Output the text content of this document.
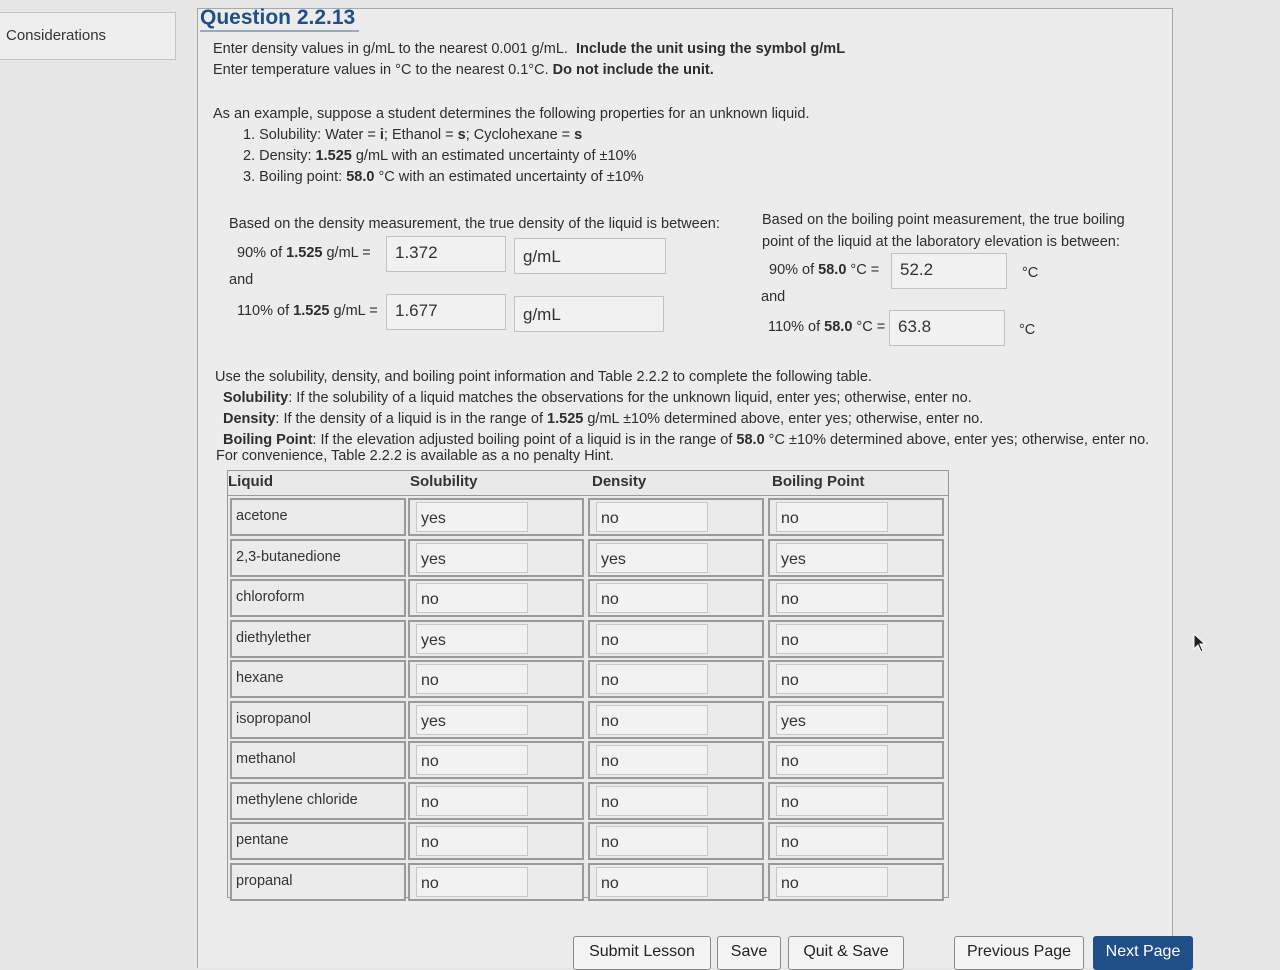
Considerations
Question 2.2.13
Enter density values in g/mL to the nearest 0.001 g/mL. Include the unit using the symbol g/mL
Enter temperature values in °C to the nearest 0.1°C. Do not include the unit.
As an example, suppose a student determines the following properties for an unknown liquid.
1. Solubility: Water = i; Ethanol = s; Cyclohexane = s
2. Density: 1.525 g/mL with an estimated uncertainty of ±10%
3. Boiling point: 58.0 °C with an estimated uncertainty of ±10%
Based on the density measurement, the true density of the liquid is between:
90% of 1.525 g/mL =	1.372	g/mL
and
110% of 1.525 g/mL =	1.677	g/mL
Based on the boiling point measurement, the true boiling
point of the liquid at the laboratory elevation is between:
90% of 58.0 °C =	52.2	°C
and
110% of 58.0 °C = 63.8	°C
Use the solubility, density, and boiling point information and Table 2.2.2 to complete the following table.
Solubility: If the solubility of a liquid matches the observations for the unknown liquid, enter yes; otherwise, enter no.
Density: If the density of a liquid is in the range of 1.525 g/mL ±10% determined above, enter yes; otherwise, enter no.
Boiling Point: If the elevation adjusted boiling point of a liquid is in the range of 58.0 °C ±10% determined above, enter yes; otherwise, enter no.
For convenience, Table 2.2.2 is available as a no penalty Hint.
Liquid	Solubility	Density	Boiling Point
acetone	yes	no	no
2,3-butanedione	yes	yes	yes
chloroform	no	no	no
diethylether	yes	no	no
hexane	no	no	no
isopropanol	yes	no	yes
methanol	no	no	no
methylene chloride	no	no	no
pentane	no	no	no
propanal	no	no	no
Submit Lesson	Save	Quit & Save	Previous Page	Next Page
